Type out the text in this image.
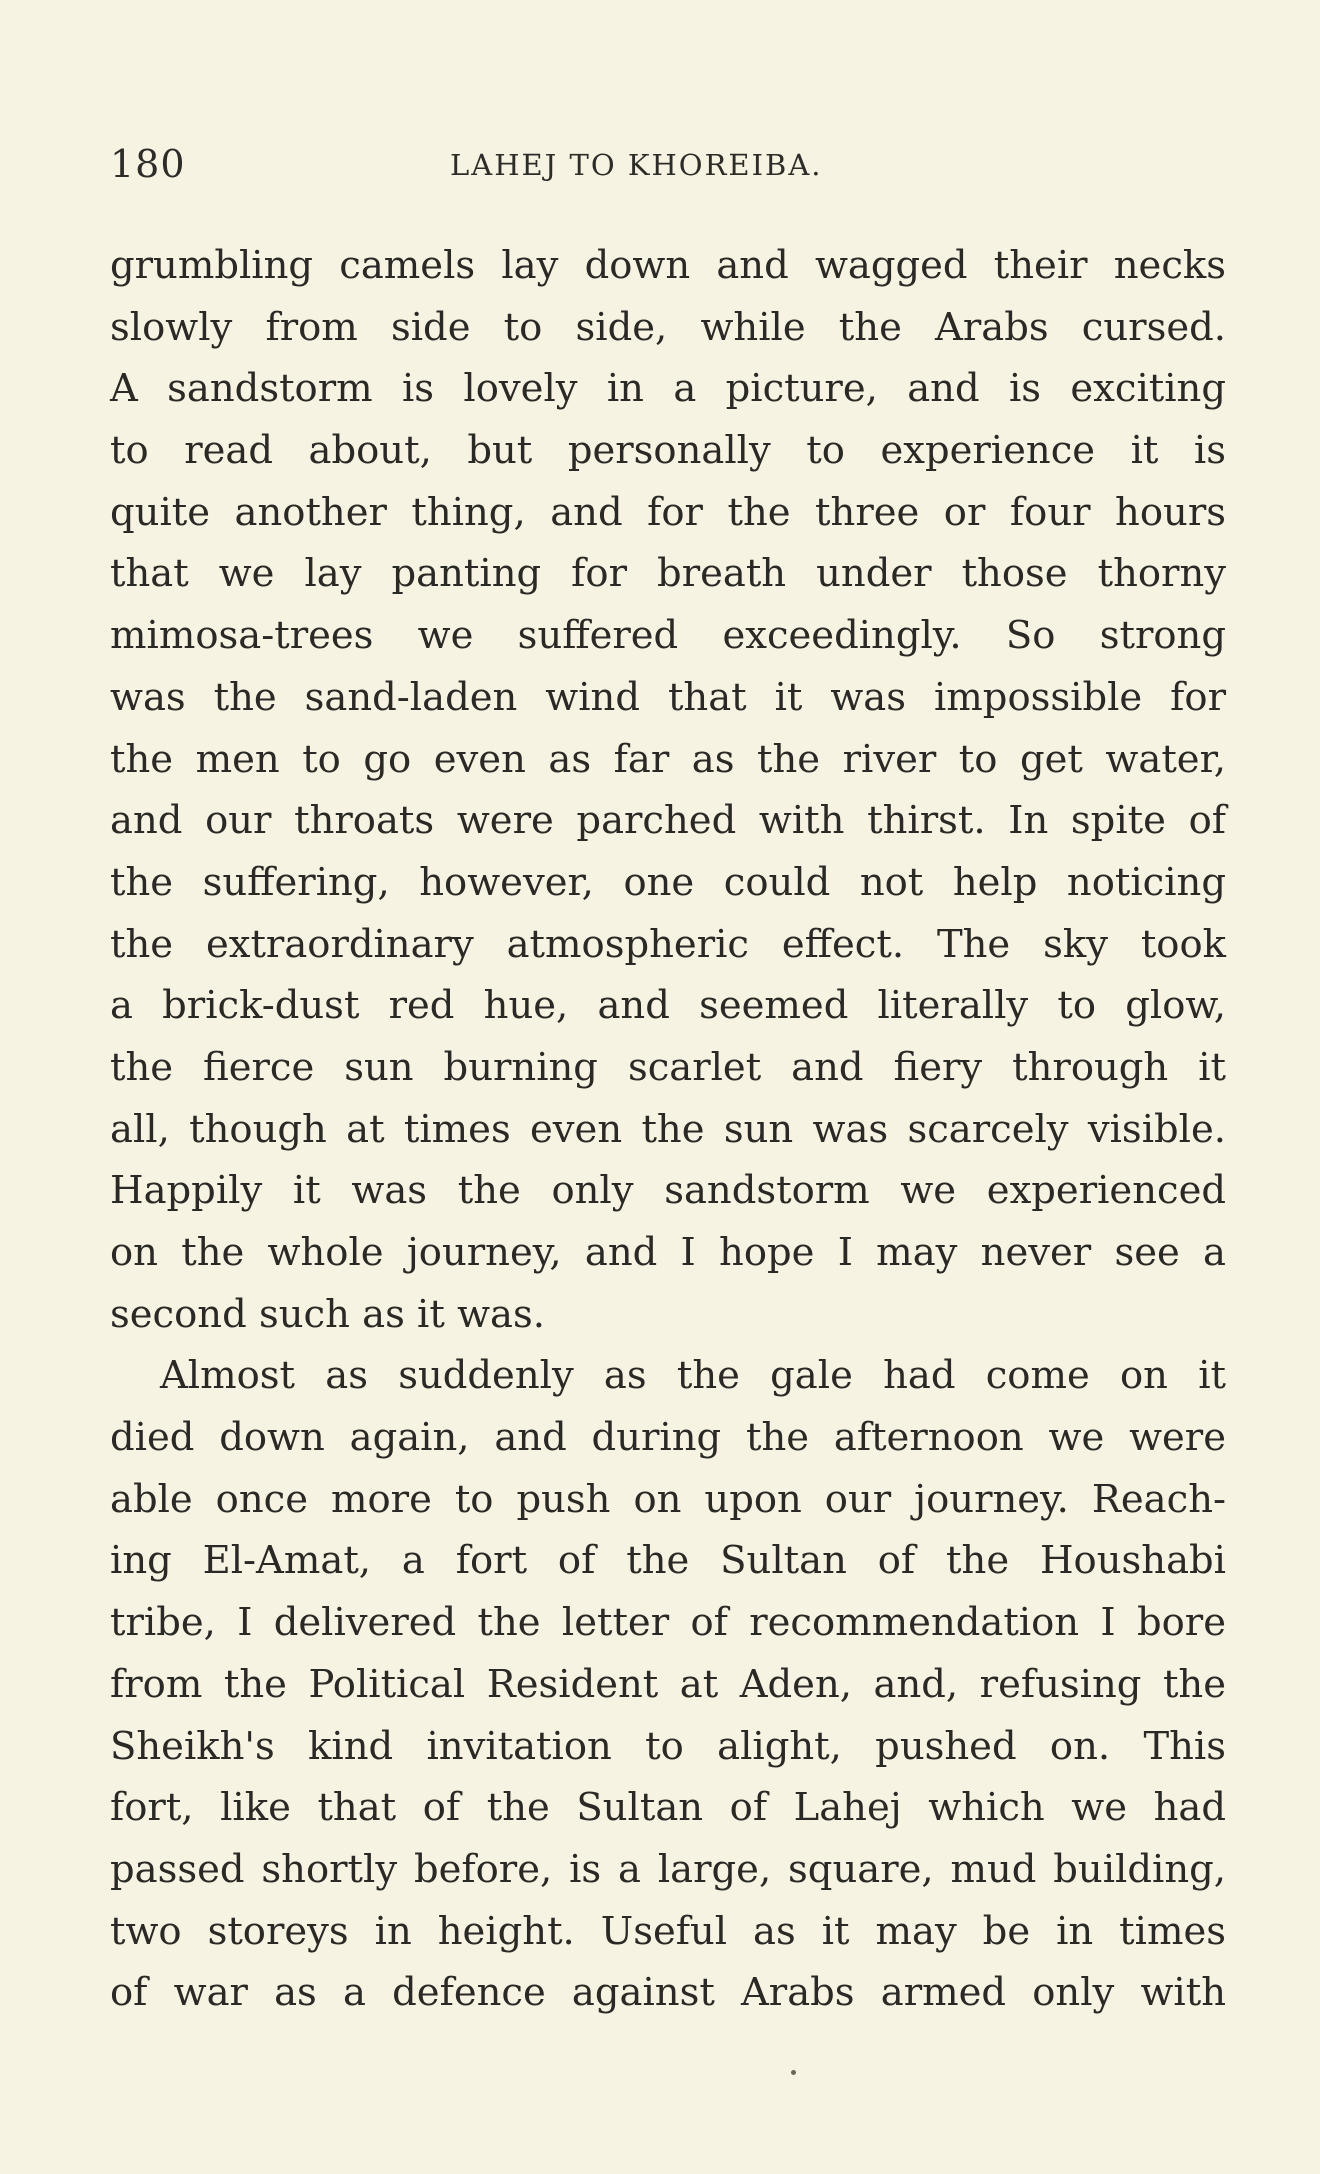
180	LAHEJ TO KHOREIBA.
grumbling camels lay down and wagged their necks
slowly from side to side, while the Arabs cursed.
A sandstorm is lovely in a picture, and is exciting
to read about, but personally to experience it is
quite another thing, and for the three or four hours
that we lay panting for breath under those thorny
mimosa-trees we suffered exceedingly. So strong
was the sand-laden wind that it was impossible for
the men to go even as far as the river to get water,
and our throats were parched with thirst. In spite of
the suffering, however, one could not help noticing
the extraordinary atmospheric effect. The sky took
a brick-dust red hue, and seemed literally to glow,
the fierce sun burning scarlet and fiery through it
all, though at times even the sun was scarcely visible.
Happily it was the only sandstorm we experienced
on the whole journey, and I hope I may never see a
second such as it was.
Almost as suddenly as the gale had come on it
died down again, and during the afternoon we were
able once more to push on upon our journey. Reach-
ing El-Amat, a fort of the Sultan of the Houshabi
tribe, I delivered the letter of recommendation I bore
from the Political Resident at Aden, and, refusing the
Sheikh's kind invitation to alight, pushed on. This
fort, like that of the Sultan of Lahej which we had
passed shortly before, is a large, square, mud building,
two storeys in height. Useful as it may be in times
of war as a defence against Arabs armed only with
